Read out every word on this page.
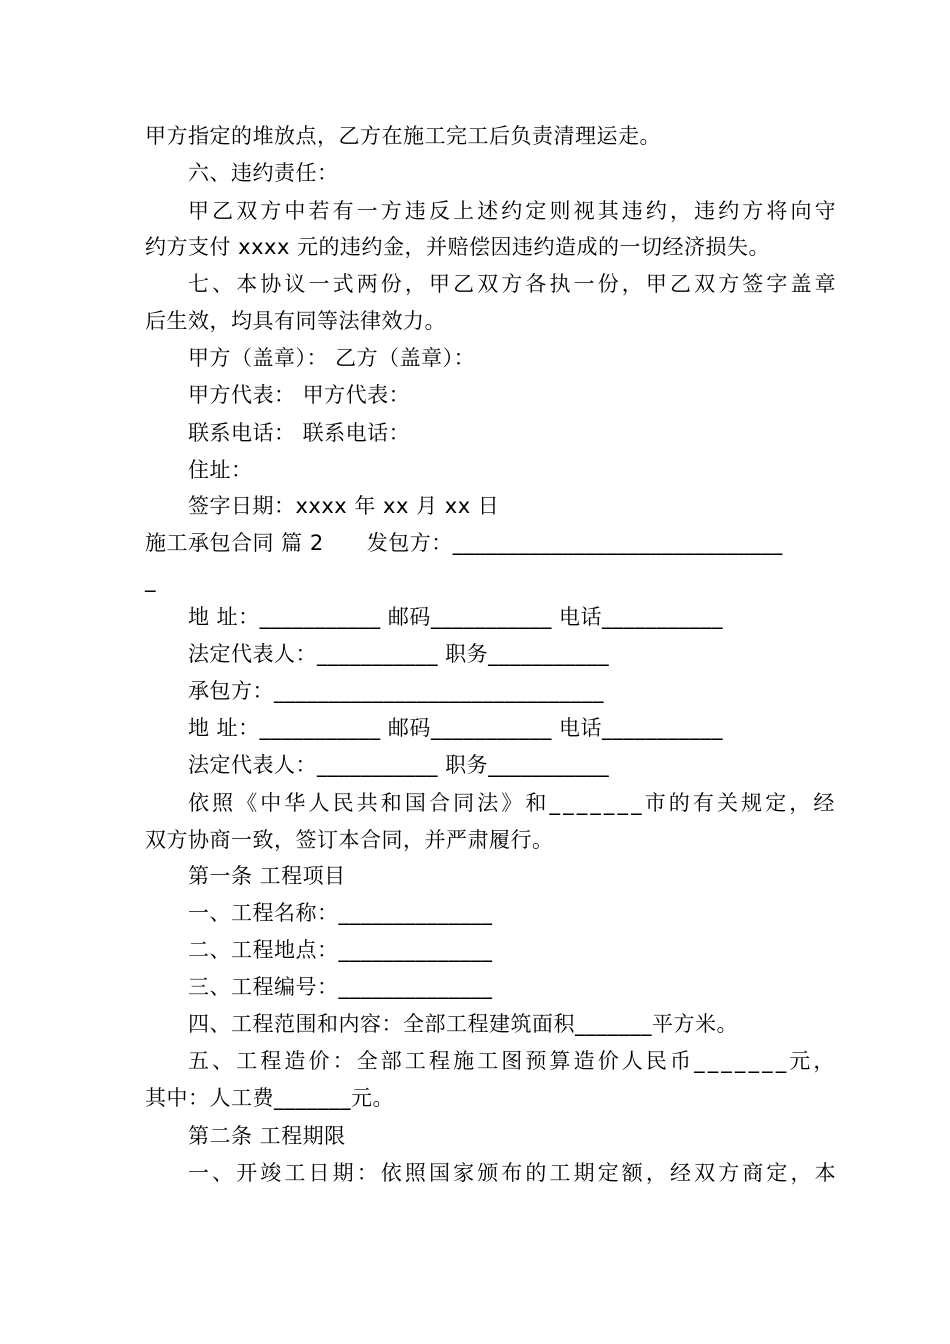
甲方指定的堆放点，乙方在施工完工后负责清理运走。
六、违约责任：
甲乙双方中若有一方违反上述约定则视其违约，违约方将向守
约方支付 xxxx 元的违约金，并赔偿因违约造成的一切经济损失。
七、本协议一式两份，甲乙双方各执一份，甲乙双方签字盖章
后生效，均具有同等法律效力。
甲方（盖章）： 乙方（盖章）：
甲方代表： 甲方代表：
联系电话： 联系电话：
住址：
签字日期：xxxx 年 xx 月 xx 日
施工承包合同 篇 2      发包方：______________________________
_
地 址：___________ 邮码___________ 电话___________
法定代表人：___________ 职务___________
承包方：______________________________
地 址：___________ 邮码___________ 电话___________
法定代表人：___________ 职务___________
依照《中华人民共和国合同法》和_______市的有关规定，经
双方协商一致，签订本合同，并严肃履行。
第一条 工程项目
一、工程名称：______________
二、工程地点：______________
三、工程编号：______________
四、工程范围和内容：全部工程建筑面积_______平方米。
五、工程造价：全部工程施工图预算造价人民币_______元，
其中：人工费_______元。
第二条 工程期限
一、开竣工日期：依照国家颁布的工期定额，经双方商定，本
